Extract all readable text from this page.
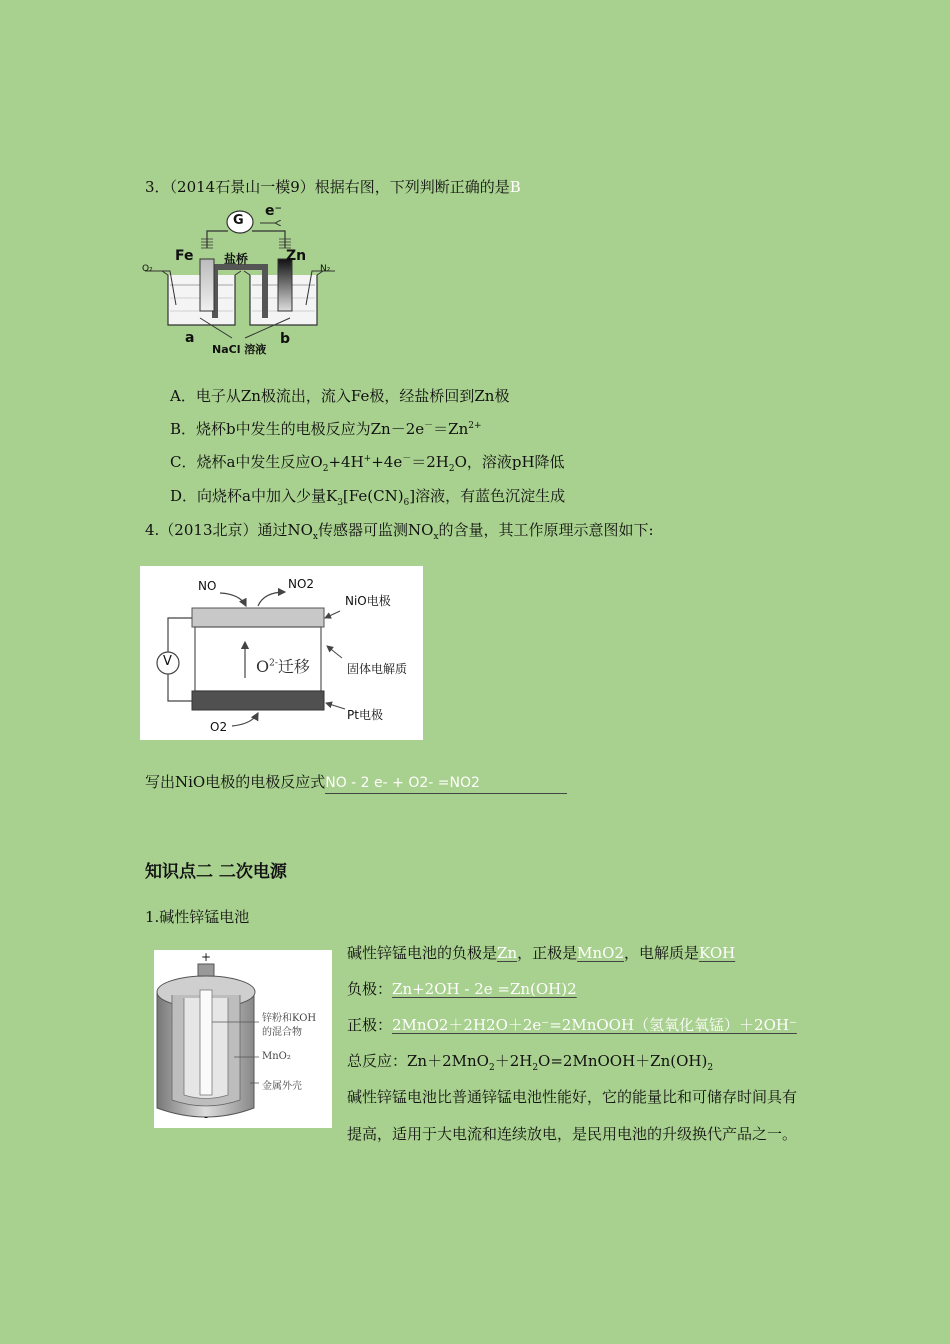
3．（2014石景山一模9）根据右图，下列判断正确的是B
G
e⁻
Fe	Zn
盐桥
O₂	N₂
a	b
NaCl 溶液
A．电子从Zn极流出，流入Fe极，经盐桥回到Zn极
B．烧杯b中发生的电极反应为$Zn-2e^-=Zn^{2+}$
C．烧杯a中发生反应$O_2+4H^++4e^-=2H_2O$，溶液pH降低
D．向烧杯a中加入少量$K_3[Fe(CN)_6]$溶液，有蓝色沉淀生成
4.（2013北京）通过$NO_x$传感器可监测$NO_x$的含量，其工作原理示意图如下:
NO	NO2
NiO电极
V	$O^{2-}$迁移	固体电解质
Pt电极
O2
写出NiO电极的电极反应式NO - 2 e- + O2- =NO2
知识点二 二次电源
1.碱性锌锰电池
+
-
锌粉和KOH
的混合物
MnO₂
金属外壳
碱性锌锰电池的负极是Zn，正极是MnO2，电解质是KOH
负极：Zn+2OH - 2e =Zn(OH)2
正极：2MnO2＋2H2O＋2e⁻=2MnOOH（氢氧化氧锰）＋2OH⁻
总反应：$Zn+2MnO_2+2H_2O=2MnOOH+Zn(OH)_2$
碱性锌锰电池比普通锌锰电池性能好，它的能量比和可储存时间具有
提高，适用于大电流和连续放电，是民用电池的升级换代产品之一。
